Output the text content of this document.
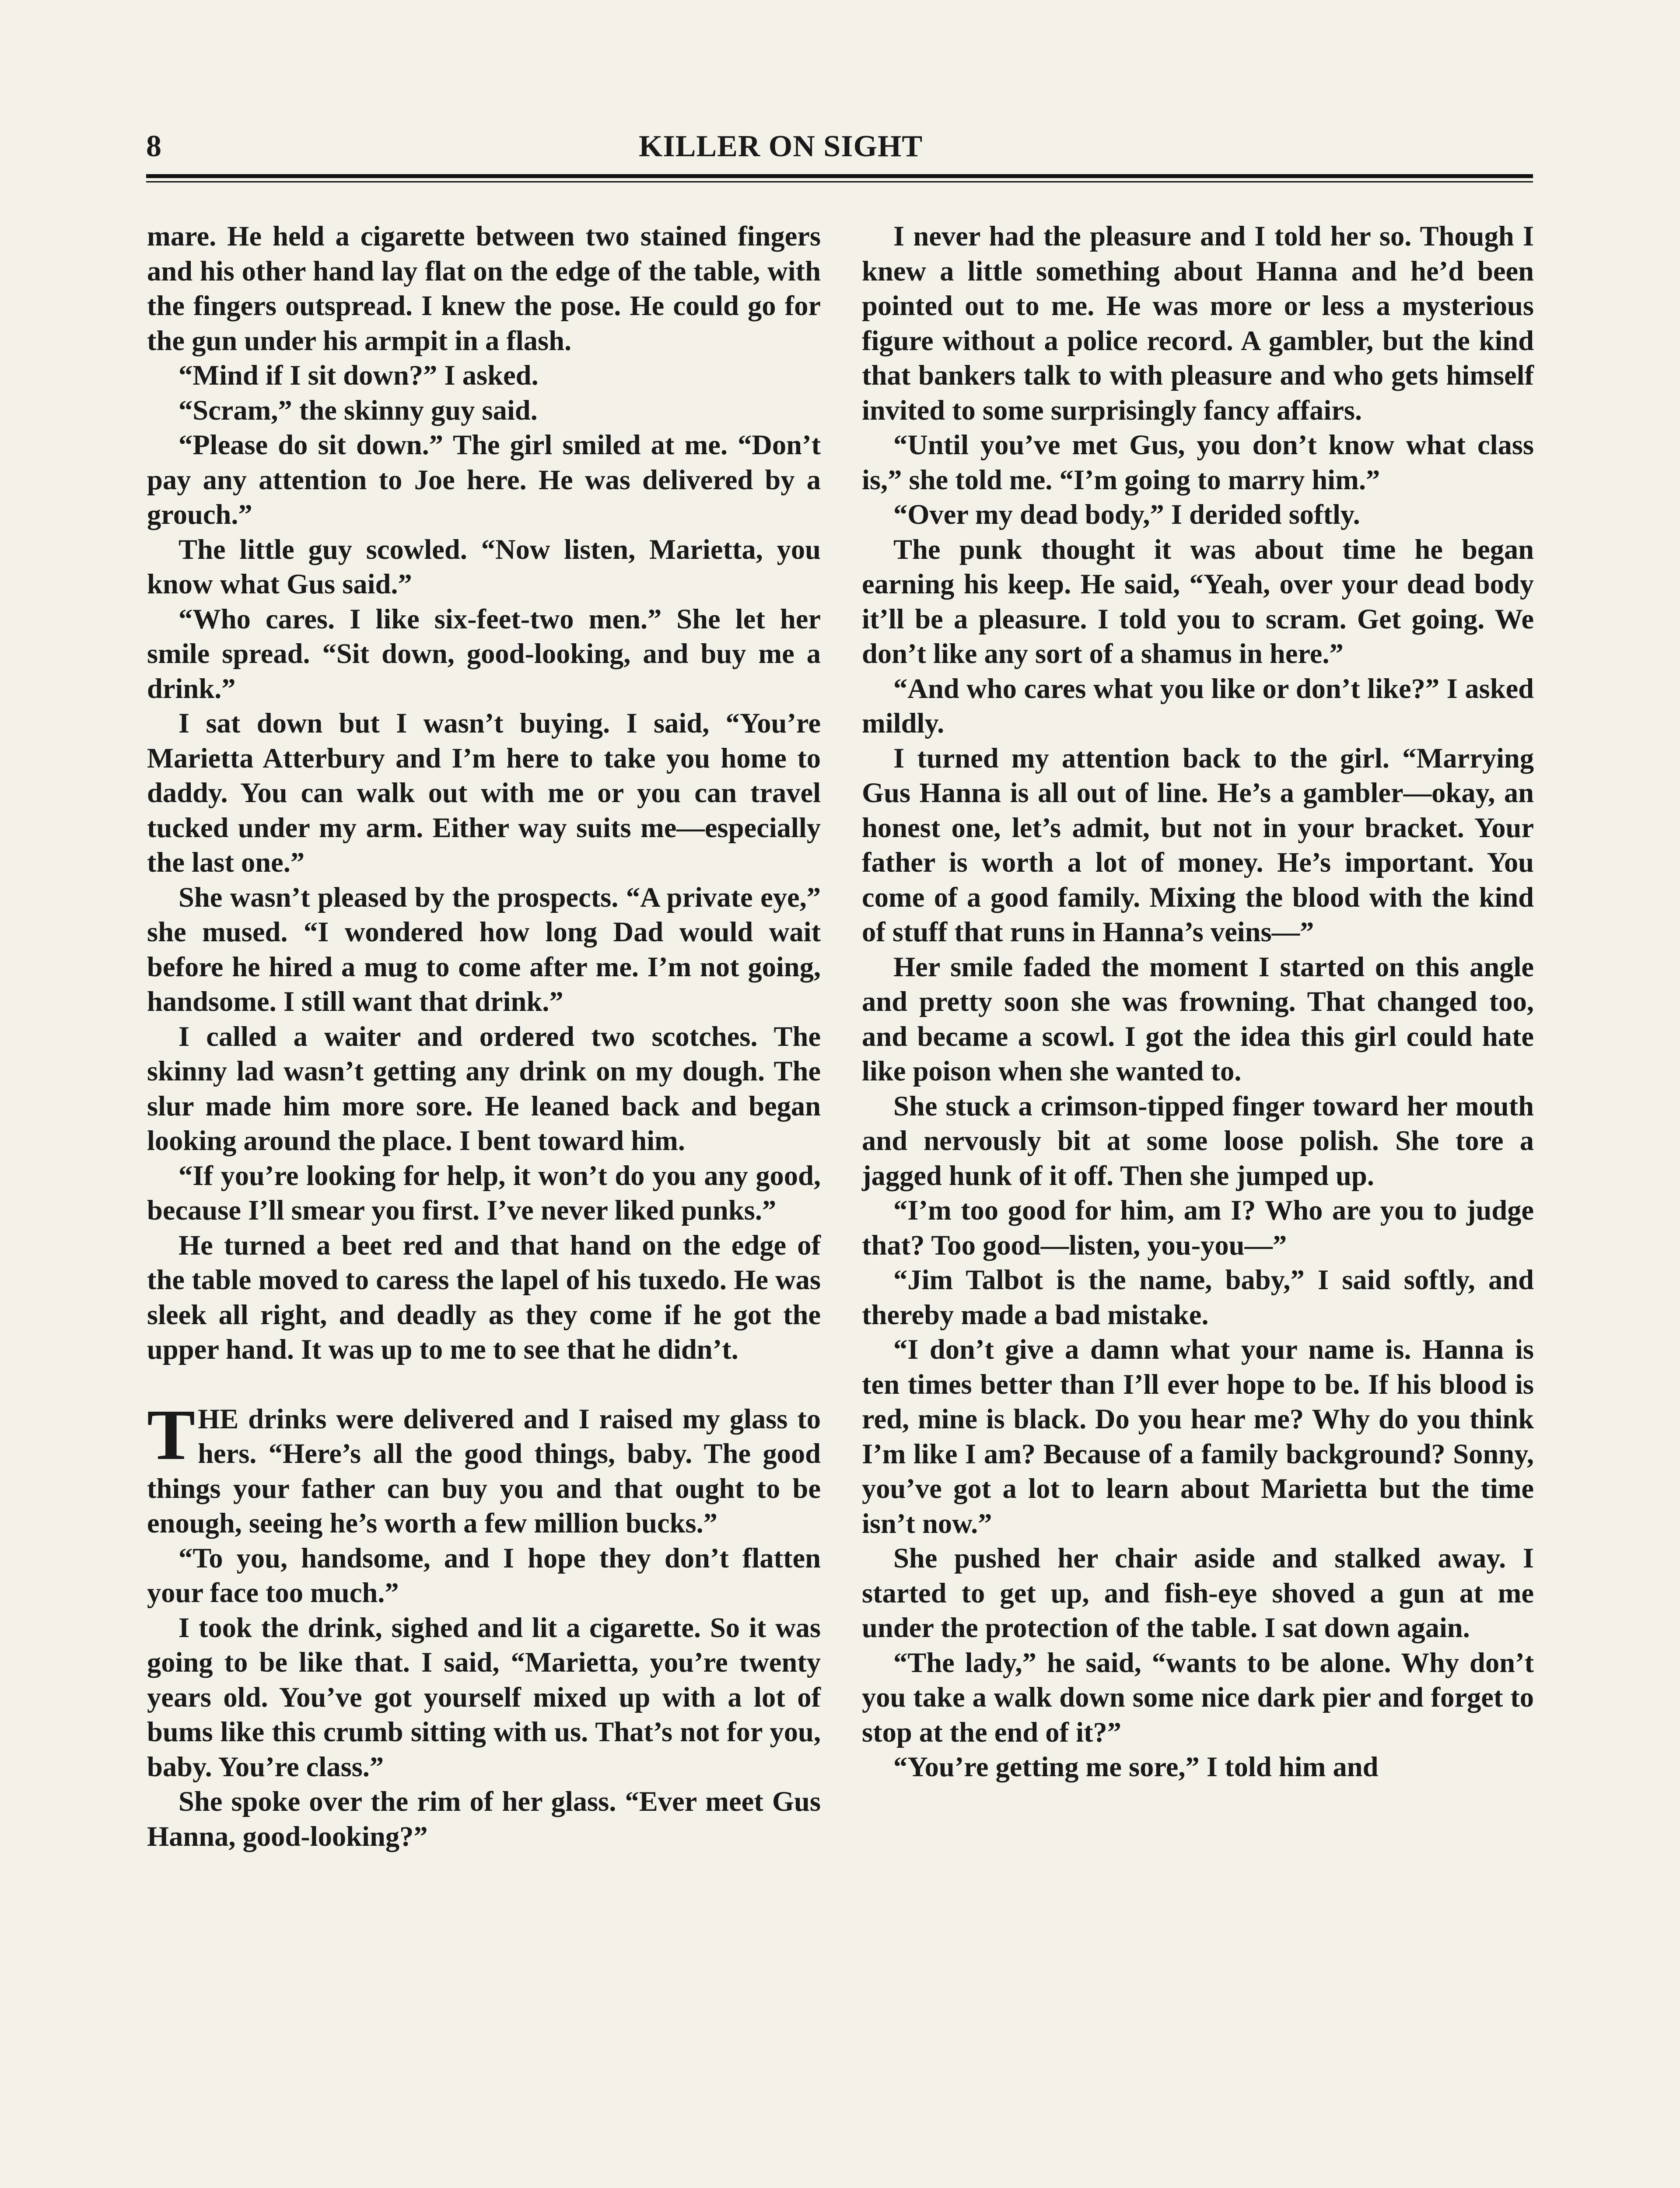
8	KILLER ON SIGHT

mare. He held a cigarette between two stained fingers and his other hand lay flat on the edge of the table, with the fingers outspread. I knew the pose. He could go for the gun under his armpit in a flash.

“Mind if I sit down?” I asked.

“Scram,” the skinny guy said.

“Please do sit down.” The girl smiled at me. “Don’t pay any attention to Joe here. He was delivered by a grouch.”

The little guy scowled. “Now listen, Marietta, you know what Gus said.”

“Who cares. I like six-feet-two men.” She let her smile spread. “Sit down, good-looking, and buy me a drink.”

I sat down but I wasn’t buying. I said, “You’re Marietta Atterbury and I’m here to take you home to daddy. You can walk out with me or you can travel tucked under my arm. Either way suits me—especially the last one.”

She wasn’t pleased by the prospects. “A private eye,” she mused. “I wondered how long Dad would wait before he hired a mug to come after me. I’m not going, handsome. I still want that drink.”

I called a waiter and ordered two scotches. The skinny lad wasn’t getting any drink on my dough. The slur made him more sore. He leaned back and began looking around the place. I bent toward him.

“If you’re looking for help, it won’t do you any good, because I’ll smear you first. I’ve never liked punks.”

He turned a beet red and that hand on the edge of the table moved to caress the lapel of his tuxedo. He was sleek all right, and deadly as they come if he got the upper hand. It was up to me to see that he didn’t.

THE drinks were delivered and I raised my glass to hers. “Here’s all the good things, baby. The good things your father can buy you and that ought to be enough, seeing he’s worth a few million bucks.”

“To you, handsome, and I hope they don’t flatten your face too much.”

I took the drink, sighed and lit a cigarette. So it was going to be like that. I said, “Marietta, you’re twenty years old. You’ve got yourself mixed up with a lot of bums like this crumb sitting with us. That’s not for you, baby. You’re class.”

She spoke over the rim of her glass. “Ever meet Gus Hanna, good-looking?”

I never had the pleasure and I told her so. Though I knew a little something about Hanna and he’d been pointed out to me. He was more or less a mysterious figure without a police record. A gambler, but the kind that bankers talk to with pleasure and who gets himself invited to some surprisingly fancy affairs.

“Until you’ve met Gus, you don’t know what class is,” she told me. “I’m going to marry him.”

“Over my dead body,” I derided softly.

The punk thought it was about time he began earning his keep. He said, “Yeah, over your dead body it’ll be a pleasure. I told you to scram. Get going. We don’t like any sort of a shamus in here.”

“And who cares what you like or don’t like?” I asked mildly.

I turned my attention back to the girl. “Marrying Gus Hanna is all out of line. He’s a gambler—okay, an honest one, let’s admit, but not in your bracket. Your father is worth a lot of money. He’s important. You come of a good family. Mixing the blood with the kind of stuff that runs in Hanna’s veins—”

Her smile faded the moment I started on this angle and pretty soon she was frowning. That changed too, and became a scowl. I got the idea this girl could hate like poison when she wanted to.

She stuck a crimson-tipped finger toward her mouth and nervously bit at some loose polish. She tore a jagged hunk of it off. Then she jumped up.

“I’m too good for him, am I? Who are you to judge that? Too good—listen, you-you—”

“Jim Talbot is the name, baby,” I said softly, and thereby made a bad mistake.

“I don’t give a damn what your name is. Hanna is ten times better than I’ll ever hope to be. If his blood is red, mine is black. Do you hear me? Why do you think I’m like I am? Because of a family background? Sonny, you’ve got a lot to learn about Marietta but the time isn’t now.”

She pushed her chair aside and stalked away. I started to get up, and fish-eye shoved a gun at me under the protection of the table. I sat down again.

“The lady,” he said, “wants to be alone. Why don’t you take a walk down some nice dark pier and forget to stop at the end of it?”

“You’re getting me sore,” I told him and
